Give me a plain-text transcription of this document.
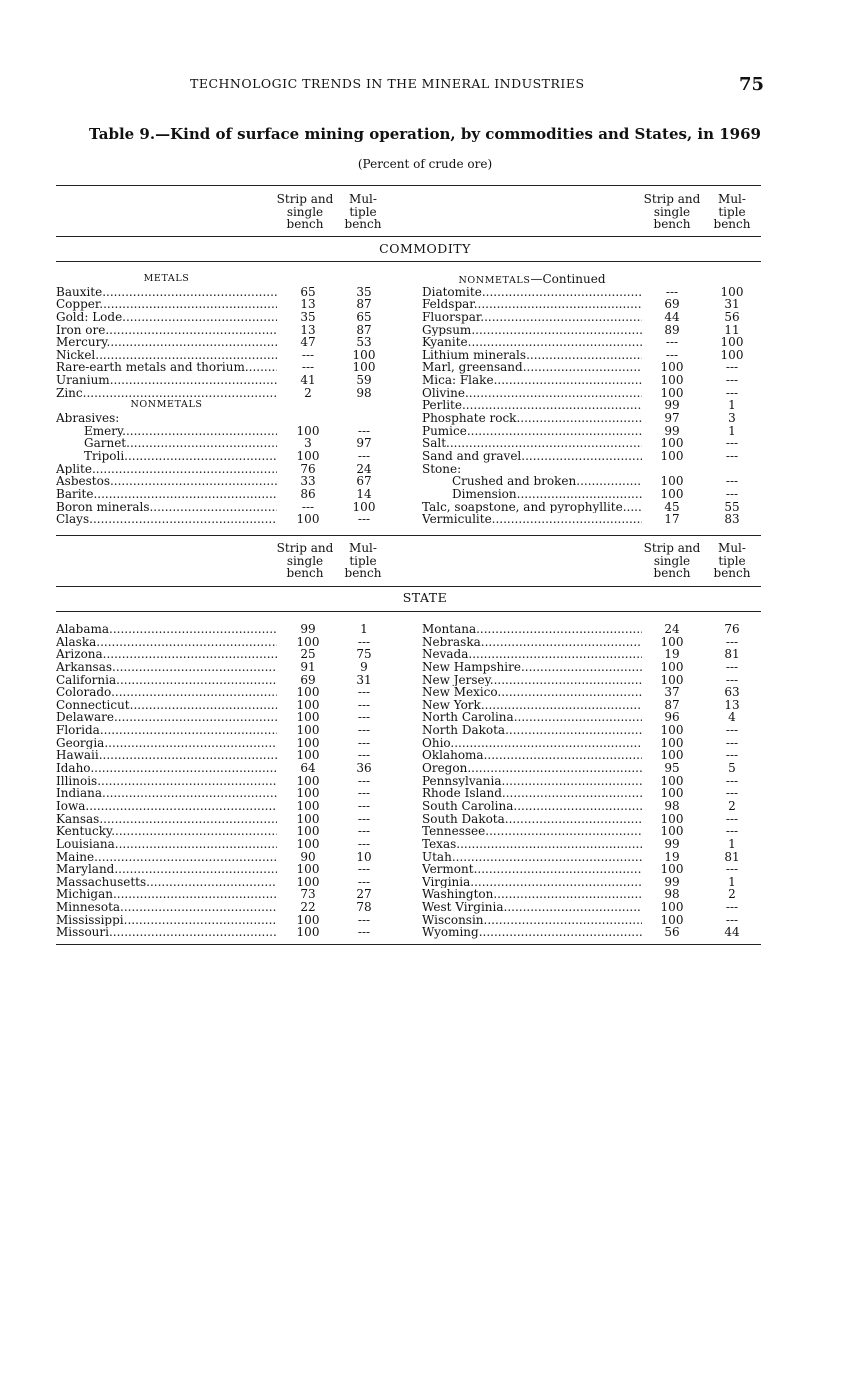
TECHNOLOGIC TRENDS IN THE MINERAL INDUSTRIES	75
Table 9.—Kind of surface mining operation, by commodities and States, in 1969
(Percent of crude ore)
Strip and
single
bench
Mul-
tiple
bench
Strip and
single
bench
Mul-
tiple
bench
COMMODITY
METALS
Bauxite .....	65	35
Copper .....	13	87
Gold: Lode .....	35	65
Iron ore .....	13	87
Mercury .....	47	53
Nickel .....	---	100
Rare-earth metals and thorium .....	---	100
Uranium .....	41	59
Zinc .....	2	98
NONMETALS
Abrasives:
Emery .....	100	---
Garnet .....	3	97
Tripoli .....	100	---
Aplite .....	76	24
Asbestos .....	33	67
Barite .....	86	14
Boron minerals .....	---	100
Clays .....	100	---
NONMETALS—Continued
Diatomite .....	---	100
Feldspar .....	69	31
Fluorspar .....	44	56
Gypsum .....	89	11
Kyanite .....	---	100
Lithium minerals .....	---	100
Marl, greensand .....	100	---
Mica: Flake .....	100	---
Olivine .....	100	---
Perlite .....	99	1
Phosphate rock .....	97	3
Pumice .....	99	1
Salt .....	100	---
Sand and gravel .....	100	---
Stone:
Crushed and broken .....	100	---
Dimension .....	100	---
Talc, soapstone, and pyrophyllite .....	45	55
Vermiculite .....	17	83
Strip and
single
bench
Mul-
tiple
bench
Strip and
single
bench
Mul-
tiple
bench
STATE
Alabama .....	99	1
Alaska .....	100	---
Arizona .....	25	75
Arkansas .....	91	9
California .....	69	31
Colorado .....	100	---
Connecticut .....	100	---
Delaware .....	100	---
Florida .....	100	---
Georgia .....	100	---
Hawaii .....	100	---
Idaho .....	64	36
Illinois .....	100	---
Indiana .....	100	---
Iowa .....	100	---
Kansas .....	100	---
Kentucky .....	100	---
Louisiana .....	100	---
Maine .....	90	10
Maryland .....	100	---
Massachusetts .....	100	---
Michigan .....	73	27
Minnesota .....	22	78
Mississippi .....	100	---
Missouri .....	100	---
Montana .....	24	76
Nebraska .....	100	---
Nevada .....	19	81
New Hampshire .....	100	---
New Jersey .....	100	---
New Mexico .....	37	63
New York .....	87	13
North Carolina .....	96	4
North Dakota .....	100	---
Ohio .....	100	---
Oklahoma .....	100	---
Oregon .....	95	5
Pennsylvania .....	100	---
Rhode Island .....	100	---
South Carolina .....	98	2
South Dakota .....	100	---
Tennessee .....	100	---
Texas .....	99	1
Utah .....	19	81
Vermont .....	100	---
Virginia .....	99	1
Washington .....	98	2
West Virginia .....	100	---
Wisconsin .....	100	---
Wyoming .....	56	44
